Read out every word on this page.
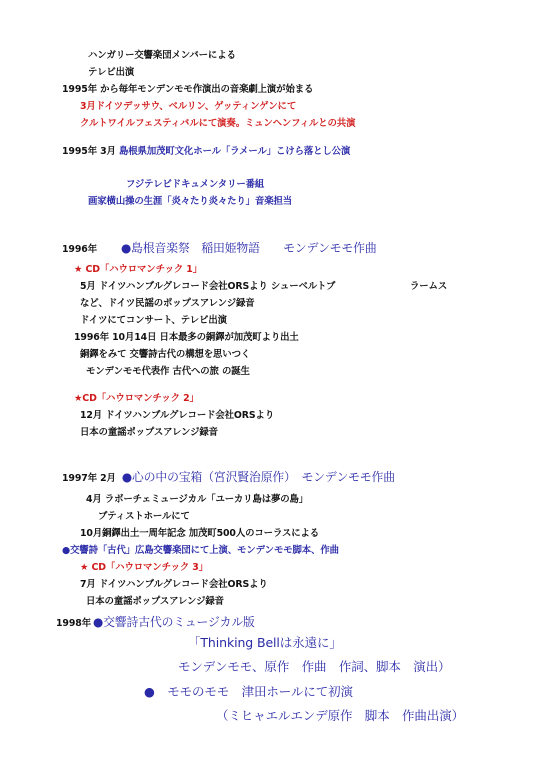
ハンガリー交響楽団メンバーによる
テレビ出演
1995年 から毎年モンデンモモ作演出の音楽劇上演が始まる
3月ドイツデッサウ、ベルリン、ゲッティンゲンにて
クルトワイルフェスティバルにて演奏。ミュンヘンフィルとの共演
1995年 3月 島根県加茂町文化ホール「ラメール」こけら落とし公演
フジテレビドキュメンタリー番組
画家横山操の生涯「炎々たり炎々たり」音楽担当
1996年 ●島根音楽祭　稲田姫物語　　モンデンモモ作曲
★ CD「ハウロマンチック 1」
5月 ドイツハンブルグレコード会社ORSより シューベルトブ	ラームス
など、ドイツ民謡のポップスアレンジ録音
ドイツにてコンサート、テレビ出演
1996年 10月14日 日本最多の銅鐸が加茂町より出土
銅鐸をみて 交響詩古代の構想を思いつく
モンデンモモ代表作 古代への旅 の誕生
★CD「ハウロマンチック 2」
12月 ドイツハンブルグレコード会社ORSより
日本の童謡ポップスアレンジ録音
1997年 2月 ●心の中の宝箱（宮沢賢治原作）　モンデンモモ作曲
4月 ラボーチェミュージカル「ユーカリ島は夢の島」
ブティストホールにて
10月銅鐸出土一周年記念 加茂町500人のコーラスによる
●交響詩「古代」広島交響楽団にて上演、モンデンモモ脚本、作曲
★ CD「ハウロマンチック 3」
7月 ドイツハンブルグレコード会社ORSより
日本の童謡ポップスアレンジ録音
1998年 ●交響詩古代のミュージカル版
「Thinking Bellは永遠に」
モンデンモモ、原作　作曲　作詞、脚本　演出）
●　モモのモモ　津田ホールにて初演
（ミヒャエルエンデ原作　脚本　作曲出演）
